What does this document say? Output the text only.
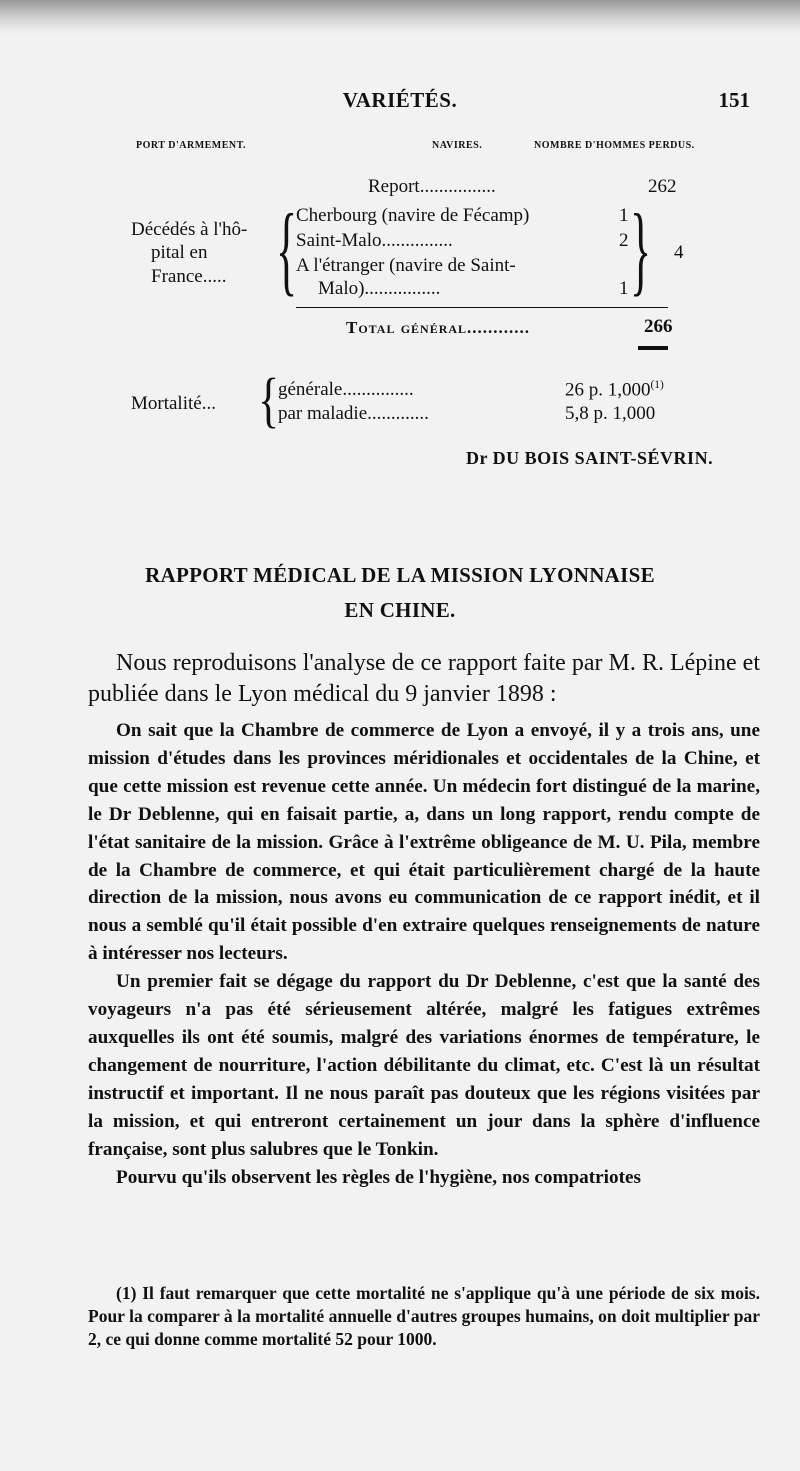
VARIÉTÉS.	151
PORT D'ARMEMENT.	NAVIRES.	NOMBRE D'HOMMES PERDUS.
Report................	262
Décédés à l'hô-
pital en
France..... {
Cherbourg (navire de Fécamp)	1
Saint-Malo...............	2
A l'étranger (navire de Saint-
Malo)................	1 } 4
Total général............	266
Mortalité... {
générale...............	26 p. 1,000$^{(1)}$
par maladie.............	5,8 p. 1,000
Dr DU BOIS SAINT-SÉVRIN.
RAPPORT MÉDICAL DE LA MISSION LYONNAISE
EN CHINE.

Nous reproduisons l'analyse de ce rapport faite par M. R. Lépine et publiée dans le Lyon médical du 9 janvier 1898 :

On sait que la Chambre de commerce de Lyon a envoyé, il y a trois ans, une mission d'études dans les provinces méridionales et occidentales de la Chine, et que cette mission est revenue cette année. Un médecin fort distingué de la marine, le Dr Deblenne, qui en faisait partie, a, dans un long rapport, rendu compte de l'état sanitaire de la mission. Grâce à l'extrême obligeance de M. U. Pila, membre de la Chambre de commerce, et qui était particulièrement chargé de la haute direction de la mission, nous avons eu communication de ce rapport inédit, et il nous a semblé qu'il était possible d'en extraire quelques renseignements de nature à intéresser nos lecteurs.

Un premier fait se dégage du rapport du Dr Deblenne, c'est que la santé des voyageurs n'a pas été sérieusement altérée, malgré les fatigues extrêmes auxquelles ils ont été soumis, malgré des variations énormes de température, le changement de nourriture, l'action débilitante du climat, etc. C'est là un résultat instructif et important. Il ne nous paraît pas douteux que les régions visitées par la mission, et qui entreront certainement un jour dans la sphère d'influence française, sont plus salubres que le Tonkin.

Pourvu qu'ils observent les règles de l'hygiène, nos compatriotes

(1) Il faut remarquer que cette mortalité ne s'applique qu'à une période de six mois. Pour la comparer à la mortalité annuelle d'autres groupes humains, on doit multiplier par 2, ce qui donne comme mortalité 52 pour 1000.
